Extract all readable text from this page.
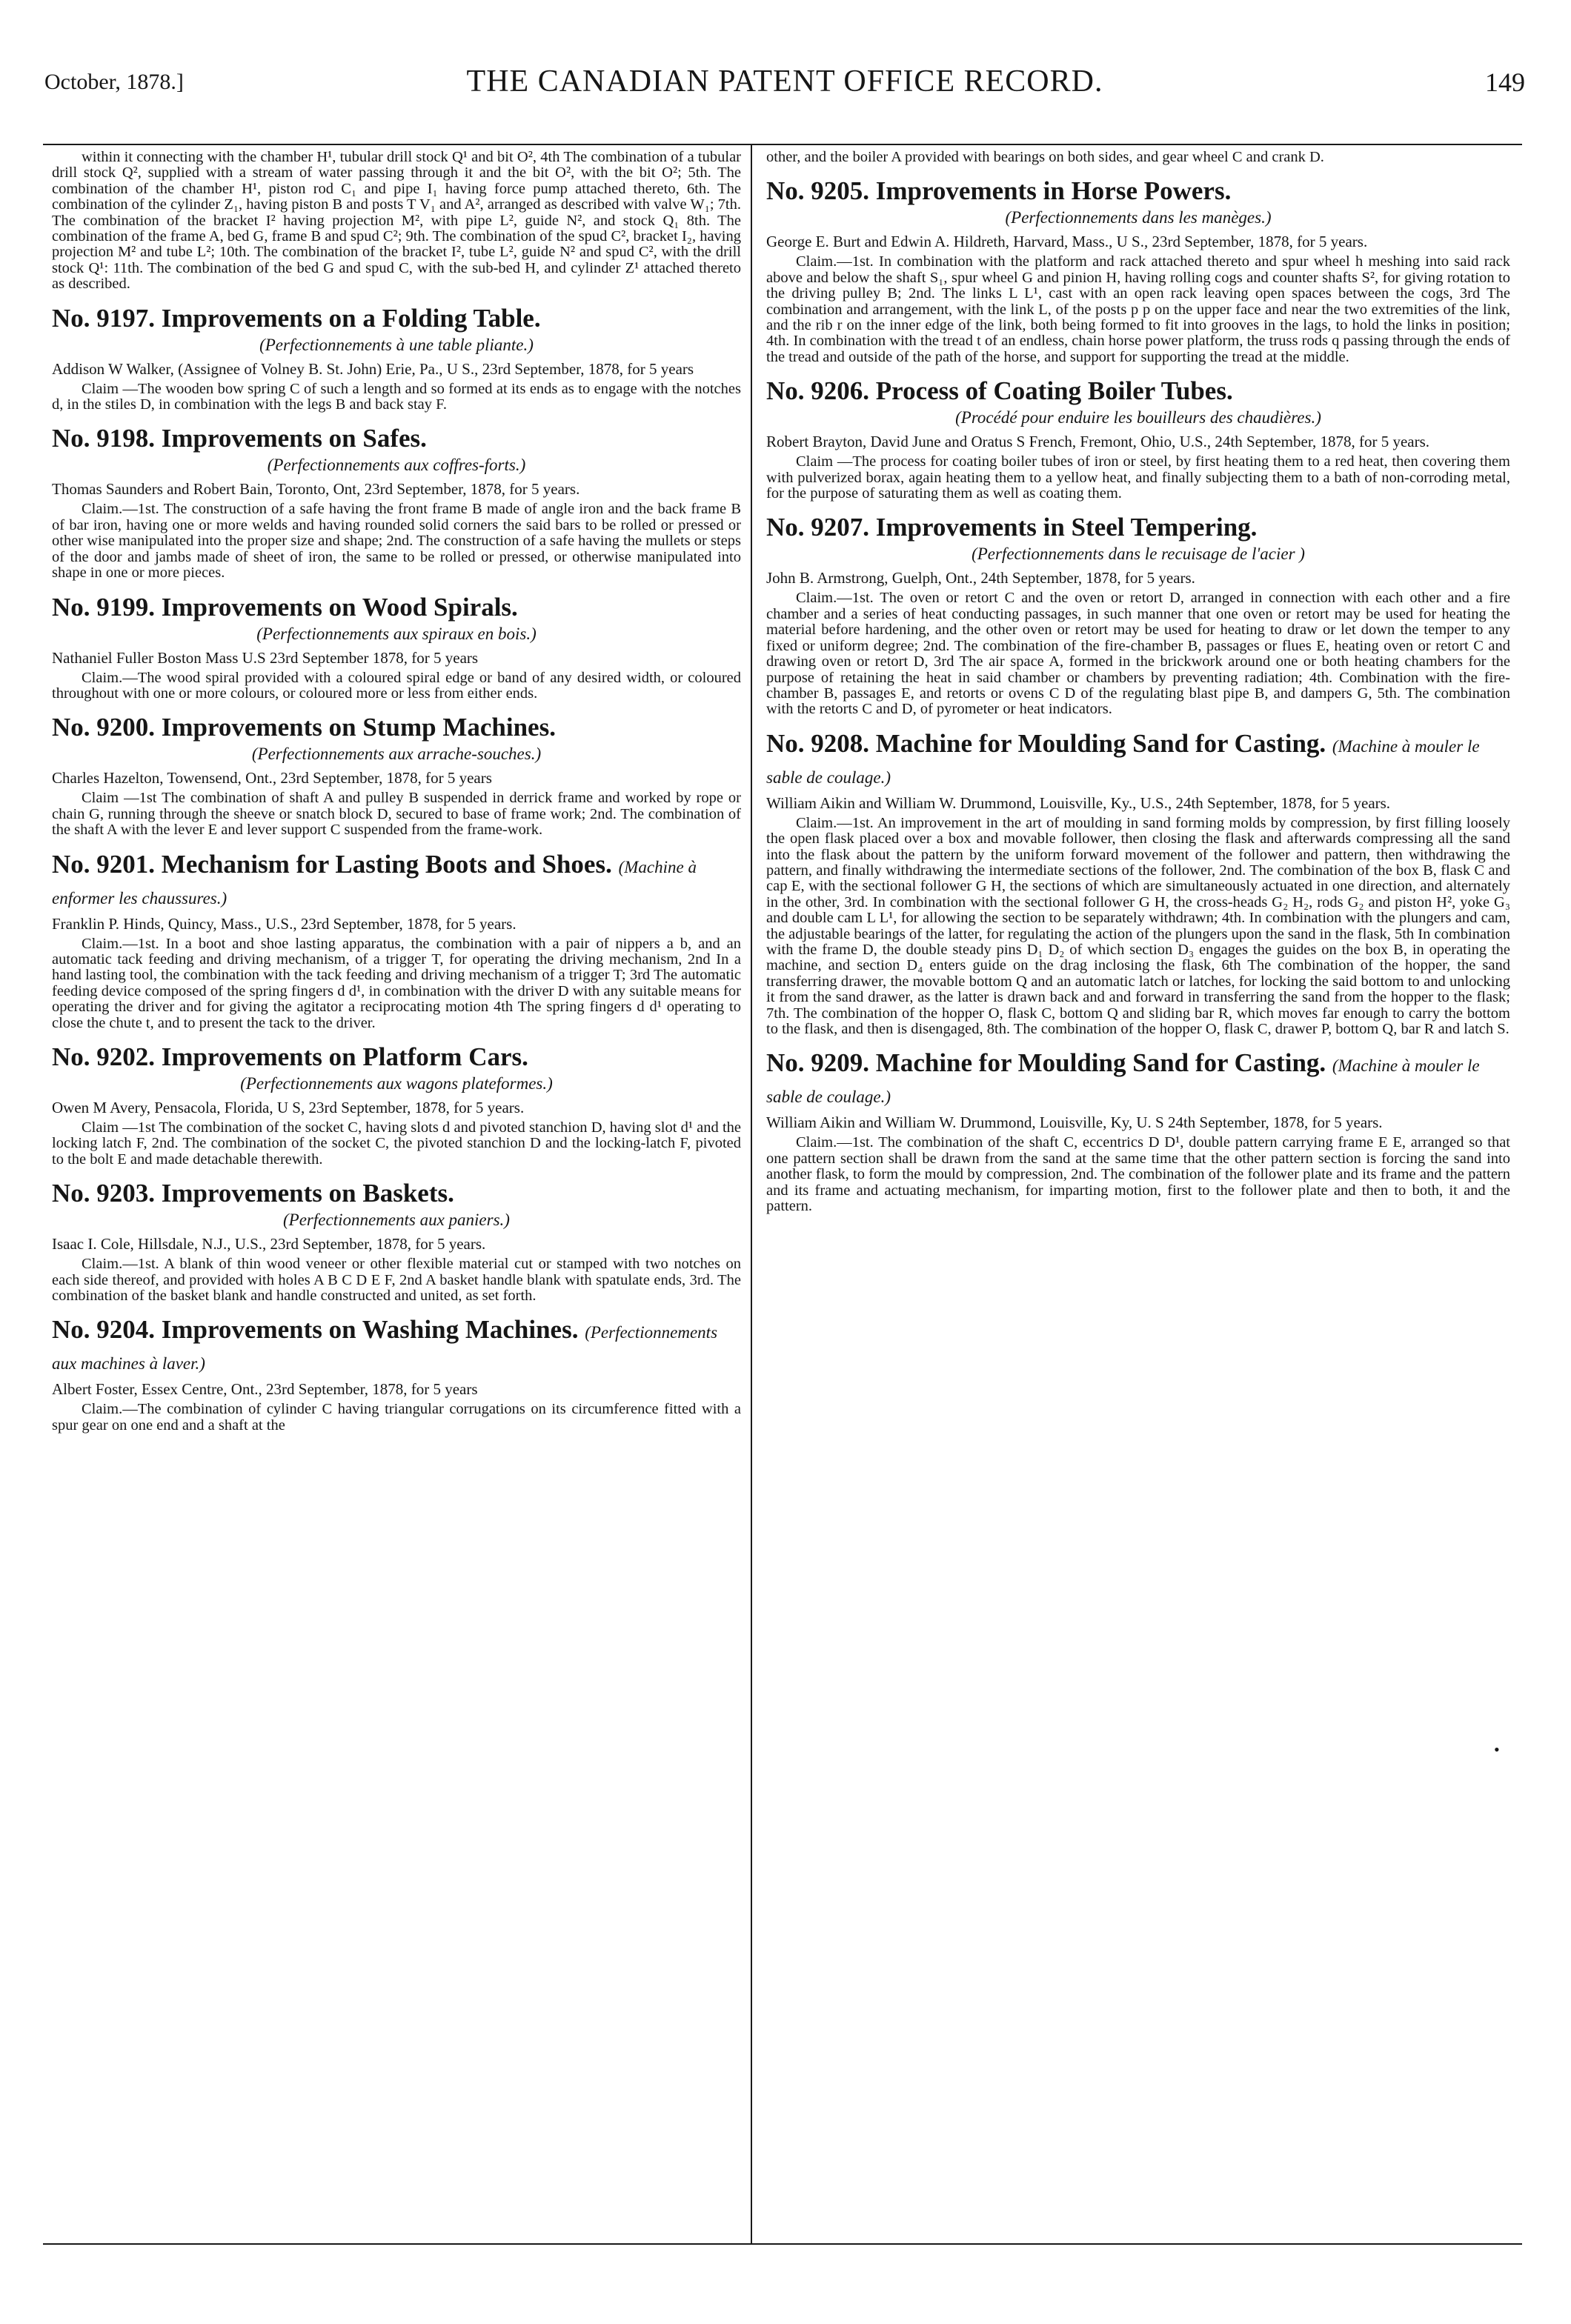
October, 1878.]	THE CANADIAN PATENT OFFICE RECORD.	149

within it connecting with the chamber H¹, tubular drill stock Q¹ and bit O², 4th The combination of a tubular drill stock Q², supplied with a stream of water passing through it and the bit O², with the bit O²; 5th. The combination of the chamber H¹, piston rod C₁ and pipe I₁ having force pump attached thereto, 6th. The combination of the cylinder Z₁, having piston B and posts T V₁ and A², arranged as described with valve W₁; 7th. The combination of the bracket I² having projection M², with pipe L², guide N², and stock Q₁ 8th. The combination of the frame A, bed G, frame B and spud C²; 9th. The combination of the spud C², bracket I₂, having projection M² and tube L²; 10th. The combination of the bracket I², tube L², guide N² and spud C², with the drill stock Q¹: 11th. The combination of the bed G and spud C, with the sub-bed H, and cylinder Z¹ attached thereto as described.

No. 9197. Improvements on a Folding Table.
(Perfectionnements à une table pliante.)

Addison W Walker, (Assignee of Volney B. St. John) Erie, Pa., U S., 23rd September, 1878, for 5 years

Claim —The wooden bow spring C of such a length and so formed at its ends as to engage with the notches d, in the stiles D, in combination with the legs B and back stay F.

No. 9198. Improvements on Safes.
(Perfectionnements aux coffres-forts.)

Thomas Saunders and Robert Bain, Toronto, Ont, 23rd September, 1878, for 5 years.

Claim.—1st. The construction of a safe having the front frame B made of angle iron and the back frame B of bar iron, having one or more welds and having rounded solid corners the said bars to be rolled or pressed or other wise manipulated into the proper size and shape; 2nd. The construction of a safe having the mullets or steps of the door and jambs made of sheet of iron, the same to be rolled or pressed, or otherwise manipulated into shape in one or more pieces.

No. 9199. Improvements on Wood Spirals.
(Perfectionnements aux spiraux en bois.)

Nathaniel Fuller Boston Mass U.S 23rd September 1878, for 5 years

Claim.—The wood spiral provided with a coloured spiral edge or band of any desired width, or coloured throughout with one or more colours, or coloured more or less from either ends.

No. 9200. Improvements on Stump Machines.
(Perfectionnements aux arrache-souches.)

Charles Hazelton, Towensend, Ont., 23rd September, 1878, for 5 years

Claim —1st The combination of shaft A and pulley B suspended in derrick frame and worked by rope or chain G, running through the sheeve or snatch block D, secured to base of frame work; 2nd. The combination of the shaft A with the lever E and lever support C suspended from the frame-work.

No. 9201. Mechanism for Lasting Boots and Shoes. (Machine à enformer les chaussures.)

Franklin P. Hinds, Quincy, Mass., U.S., 23rd September, 1878, for 5 years.

Claim.—1st. In a boot and shoe lasting apparatus, the combination with a pair of nippers a b, and an automatic tack feeding and driving mechanism, of a trigger T, for operating the driving mechanism, 2nd In a hand lasting tool, the combination with the tack feeding and driving mechanism of a trigger T; 3rd The automatic feeding device composed of the spring fingers d d¹, in combination with the driver D with any suitable means for operating the driver and for giving the agitator a reciprocating motion 4th The spring fingers d d¹ operating to close the chute t, and to present the tack to the driver.

No. 9202. Improvements on Platform Cars.
(Perfectionnements aux wagons plateformes.)

Owen M Avery, Pensacola, Florida, U S, 23rd September, 1878, for 5 years.

Claim —1st The combination of the socket C, having slots d and pivoted stanchion D, having slot d¹ and the locking latch F, 2nd. The combination of the socket C, the pivoted stanchion D and the locking-latch F, pivoted to the bolt E and made detachable therewith.

No. 9203. Improvements on Baskets.
(Perfectionnements aux paniers.)

Isaac I. Cole, Hillsdale, N.J., U.S., 23rd September, 1878, for 5 years.

Claim.—1st. A blank of thin wood veneer or other flexible material cut or stamped with two notches on each side thereof, and provided with holes A B C D E F, 2nd A basket handle blank with spatulate ends, 3rd. The combination of the basket blank and handle constructed and united, as set forth.

No. 9204. Improvements on Washing Machines. (Perfectionnements aux machines à laver.)

Albert Foster, Essex Centre, Ont., 23rd September, 1878, for 5 years

Claim.—The combination of cylinder C having triangular corrugations on its circumference fitted with a spur gear on one end and a shaft at the

other, and the boiler A provided with bearings on both sides, and gear wheel C and crank D.

No. 9205. Improvements in Horse Powers.
(Perfectionnements dans les manèges.)

George E. Burt and Edwin A. Hildreth, Harvard, Mass., U S., 23rd September, 1878, for 5 years.

Claim.—1st. In combination with the platform and rack attached thereto and spur wheel h meshing into said rack above and below the shaft S₁, spur wheel G and pinion H, having rolling cogs and counter shafts S², for giving rotation to the driving pulley B; 2nd. The links L L¹, cast with an open rack leaving open spaces between the cogs, 3rd The combination and arrangement, with the link L, of the posts p p on the upper face and near the two extremities of the link, and the rib r on the inner edge of the link, both being formed to fit into grooves in the lags, to hold the links in position; 4th. In combination with the tread t of an endless, chain horse power platform, the truss rods q passing through the ends of the tread and outside of the path of the horse, and support for supporting the tread at the middle.

No. 9206. Process of Coating Boiler Tubes.
(Procédé pour enduire les bouilleurs des chaudières.)

Robert Brayton, David June and Oratus S French, Fremont, Ohio, U.S., 24th September, 1878, for 5 years.

Claim —The process for coating boiler tubes of iron or steel, by first heating them to a red heat, then covering them with pulverized borax, again heating them to a yellow heat, and finally subjecting them to a bath of non-corroding metal, for the purpose of saturating them as well as coating them.

No. 9207. Improvements in Steel Tempering.
(Perfectionnements dans le recuisage de l'acier )

John B. Armstrong, Guelph, Ont., 24th September, 1878, for 5 years.

Claim.—1st. The oven or retort C and the oven or retort D, arranged in connection with each other and a fire chamber and a series of heat conducting passages, in such manner that one oven or retort may be used for heating the material before hardening, and the other oven or retort may be used for heating to draw or let down the temper to any fixed or uniform degree; 2nd. The combination of the fire-chamber B, passages or flues E, heating oven or retort C and drawing oven or retort D, 3rd The air space A, formed in the brickwork around one or both heating chambers for the purpose of retaining the heat in said chamber or chambers by preventing radiation; 4th. Combination with the fire-chamber B, passages E, and retorts or ovens C D of the regulating blast pipe B, and dampers G, 5th. The combination with the retorts C and D, of pyrometer or heat indicators.

No. 9208. Machine for Moulding Sand for Casting. (Machine à mouler le sable de coulage.)

William Aikin and William W. Drummond, Louisville, Ky., U.S., 24th September, 1878, for 5 years.

Claim.—1st. An improvement in the art of moulding in sand forming molds by compression, by first filling loosely the open flask placed over a box and movable follower, then closing the flask and afterwards compressing all the sand into the flask about the pattern by the uniform forward movement of the follower and pattern, then withdrawing the pattern, and finally withdrawing the intermediate sections of the follower, 2nd. The combination of the box B, flask C and cap E, with the sectional follower G H, the sections of which are simultaneously actuated in one direction, and alternately in the other, 3rd. In combination with the sectional follower G H, the cross-heads G₂ H₂, rods G₂ and piston H², yoke G₃ and double cam L L¹, for allowing the section to be separately withdrawn; 4th. In combination with the plungers and cam, the adjustable bearings of the latter, for regulating the action of the plungers upon the sand in the flask, 5th In combination with the frame D, the double steady pins D₁ D₂ of which section D₃ engages the guides on the box B, in operating the machine, and section D₄ enters guide on the drag inclosing the flask, 6th The combination of the hopper, the sand transferring drawer, the movable bottom Q and an automatic latch or latches, for locking the said bottom to and unlocking it from the sand drawer, as the latter is drawn back and and forward in transferring the sand from the hopper to the flask; 7th. The combination of the hopper O, flask C, bottom Q and sliding bar R, which moves far enough to carry the bottom to the flask, and then is disengaged, 8th. The combination of the hopper O, flask C, drawer P, bottom Q, bar R and latch S.

No. 9209. Machine for Moulding Sand for Casting. (Machine à mouler le sable de coulage.)

William Aikin and William W. Drummond, Louisville, Ky, U. S 24th September, 1878, for 5 years.

Claim.—1st. The combination of the shaft C, eccentrics D D¹, double pattern carrying frame E E, arranged so that one pattern section shall be drawn from the sand at the same time that the other pattern section is forcing the sand into another flask, to form the mould by compression, 2nd. The combination of the follower plate and its frame and the pattern and its frame and actuating mechanism, for imparting motion, first to the follower plate and then to both, it and the pattern.

•
